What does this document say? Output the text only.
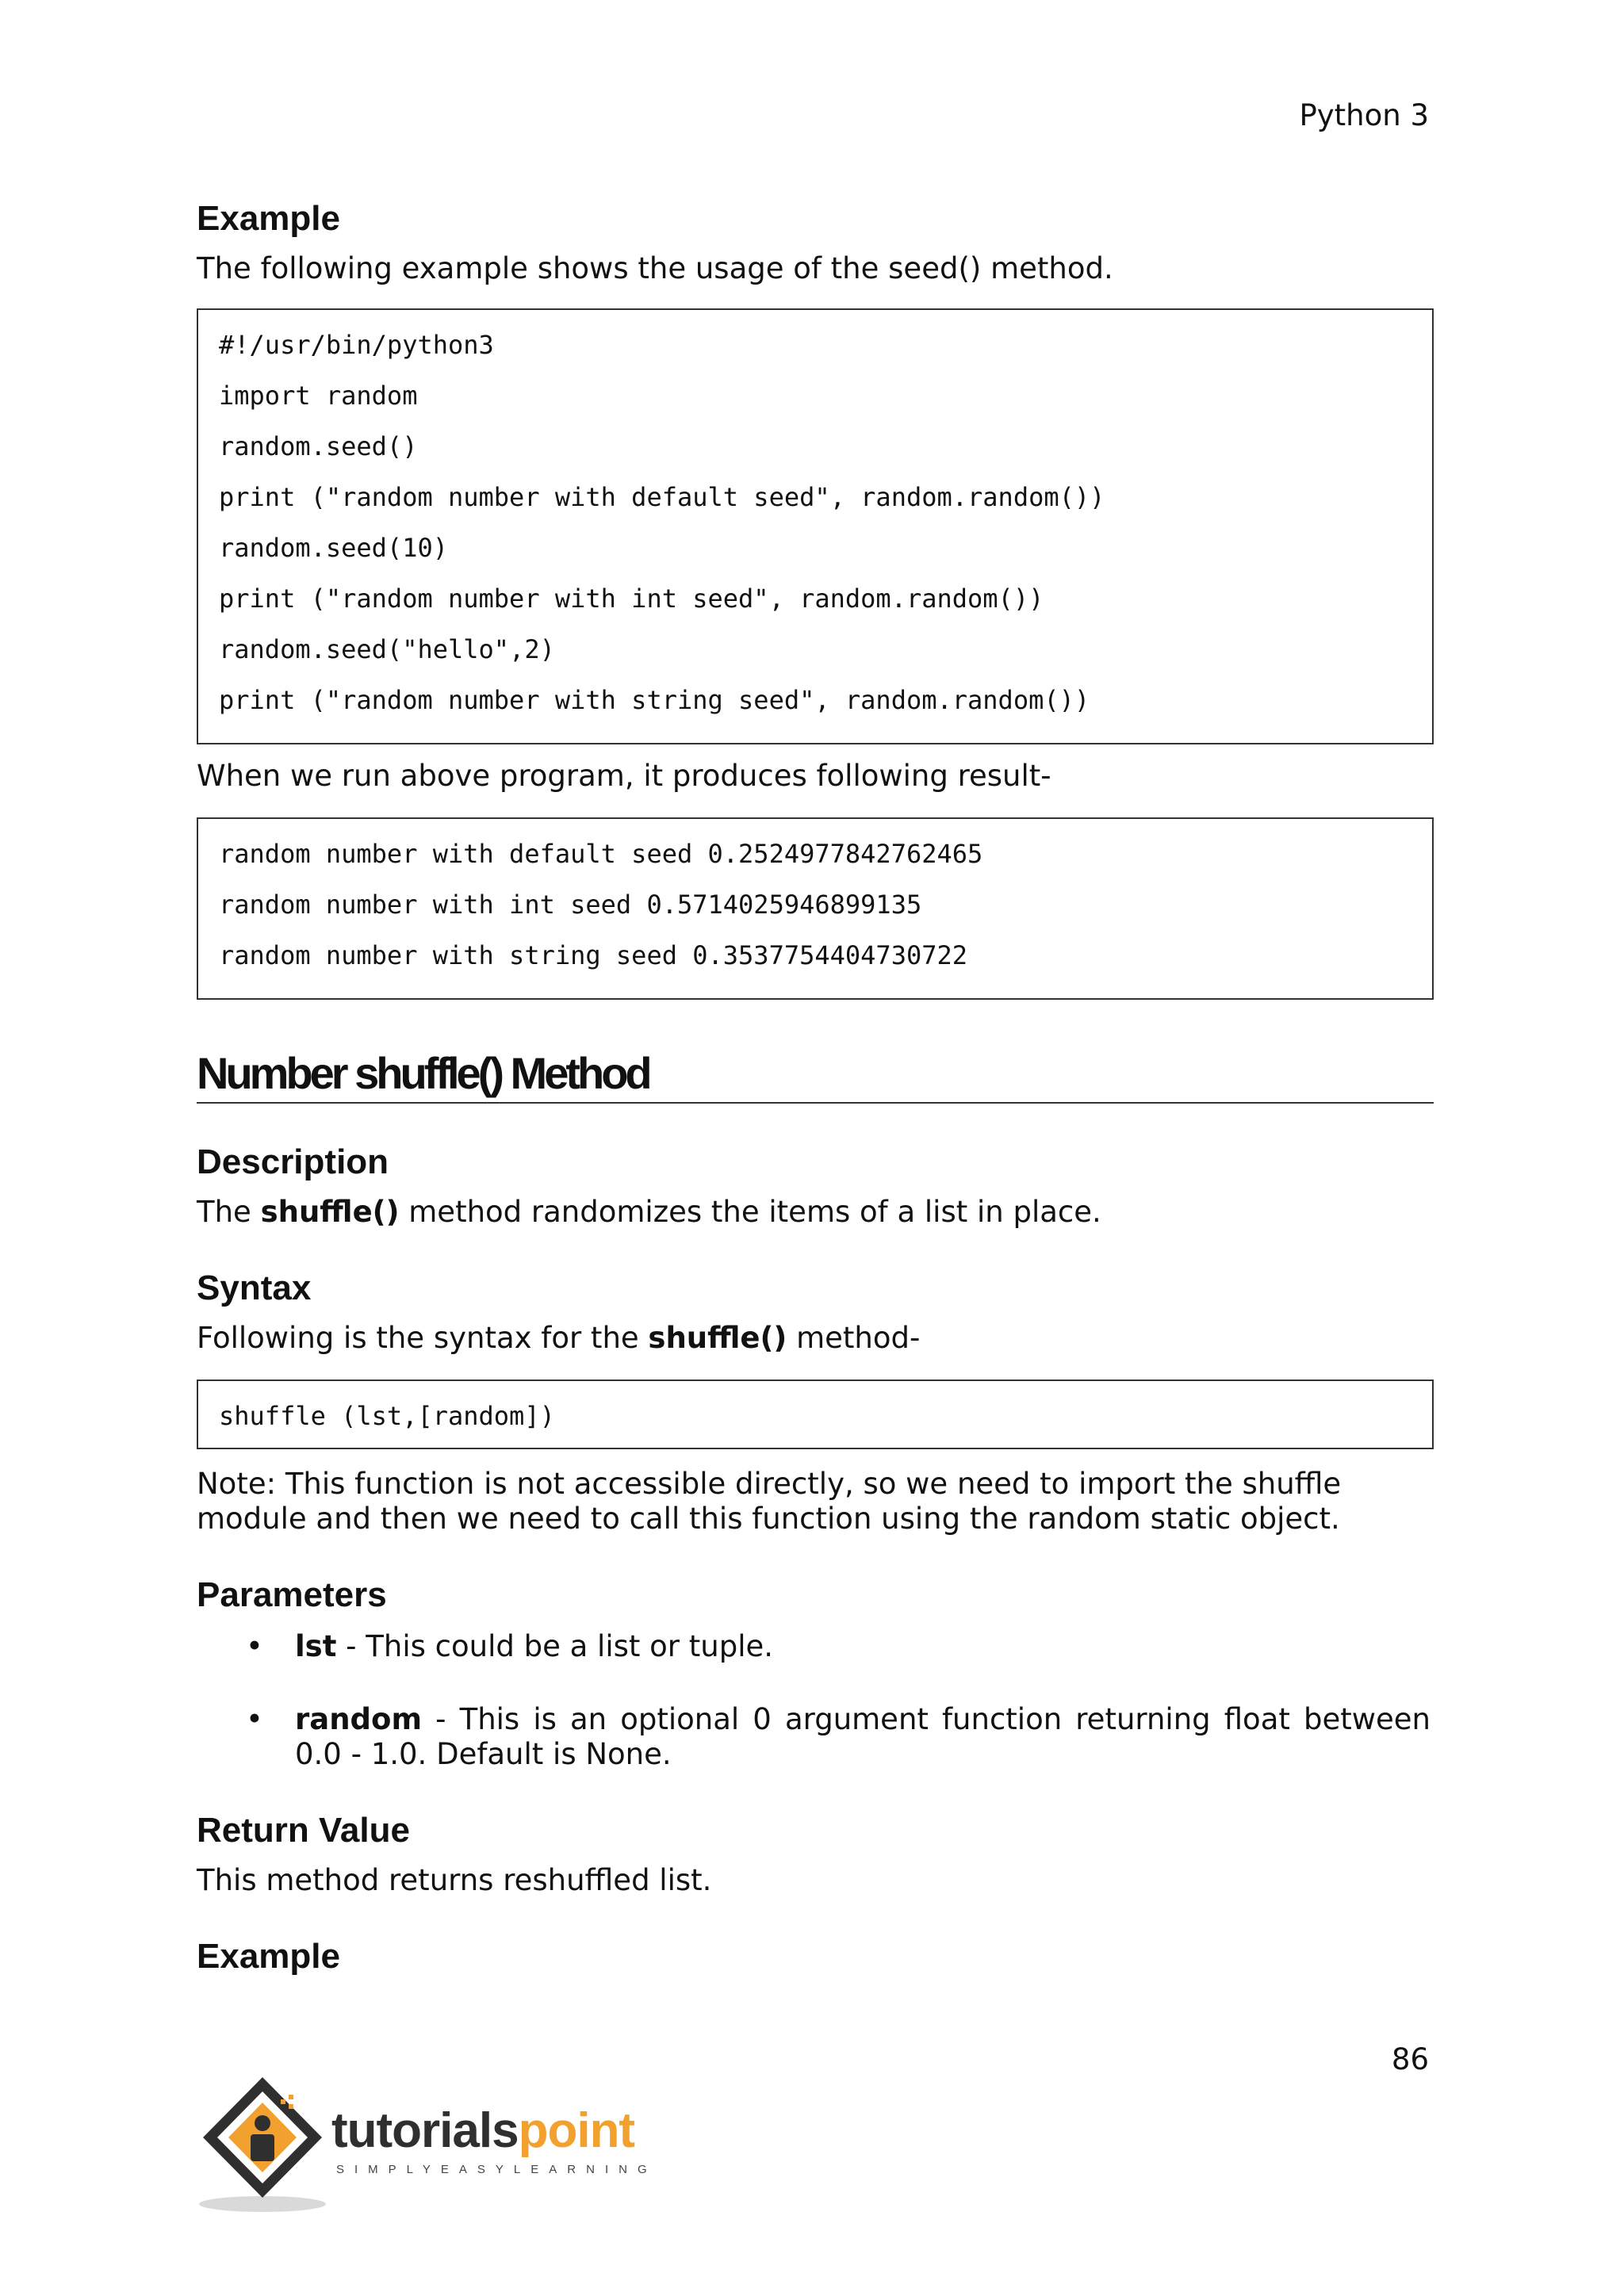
Python 3
Example

The following example shows the usage of the seed() method.

#!/usr/bin/python3
import random
random.seed()
print ("random number with default seed", random.random())
random.seed(10)
print ("random number with int seed", random.random())
random.seed("hello",2)
print ("random number with string seed", random.random())

When we run above program, it produces following result-

random number with default seed 0.2524977842762465
random number with int seed 0.5714025946899135
random number with string seed 0.3537754404730722
Number shuffle() Method
Description

The shuffle() method randomizes the items of a list in place.

Syntax

Following is the syntax for the shuffle() method-

shuffle (lst,[random])

Note: This function is not accessible directly, so we need to import the shuffle module and then we need to call this function using the random static object.

Parameters
• lst - This could be a list or tuple.
• random - This is an optional 0 argument function returning float between 0.0 - 1.0. Default is None.
Return Value

This method returns reshuffled list.

Example
86
tutorialspoint
SIMPLYEASYLEARNING
